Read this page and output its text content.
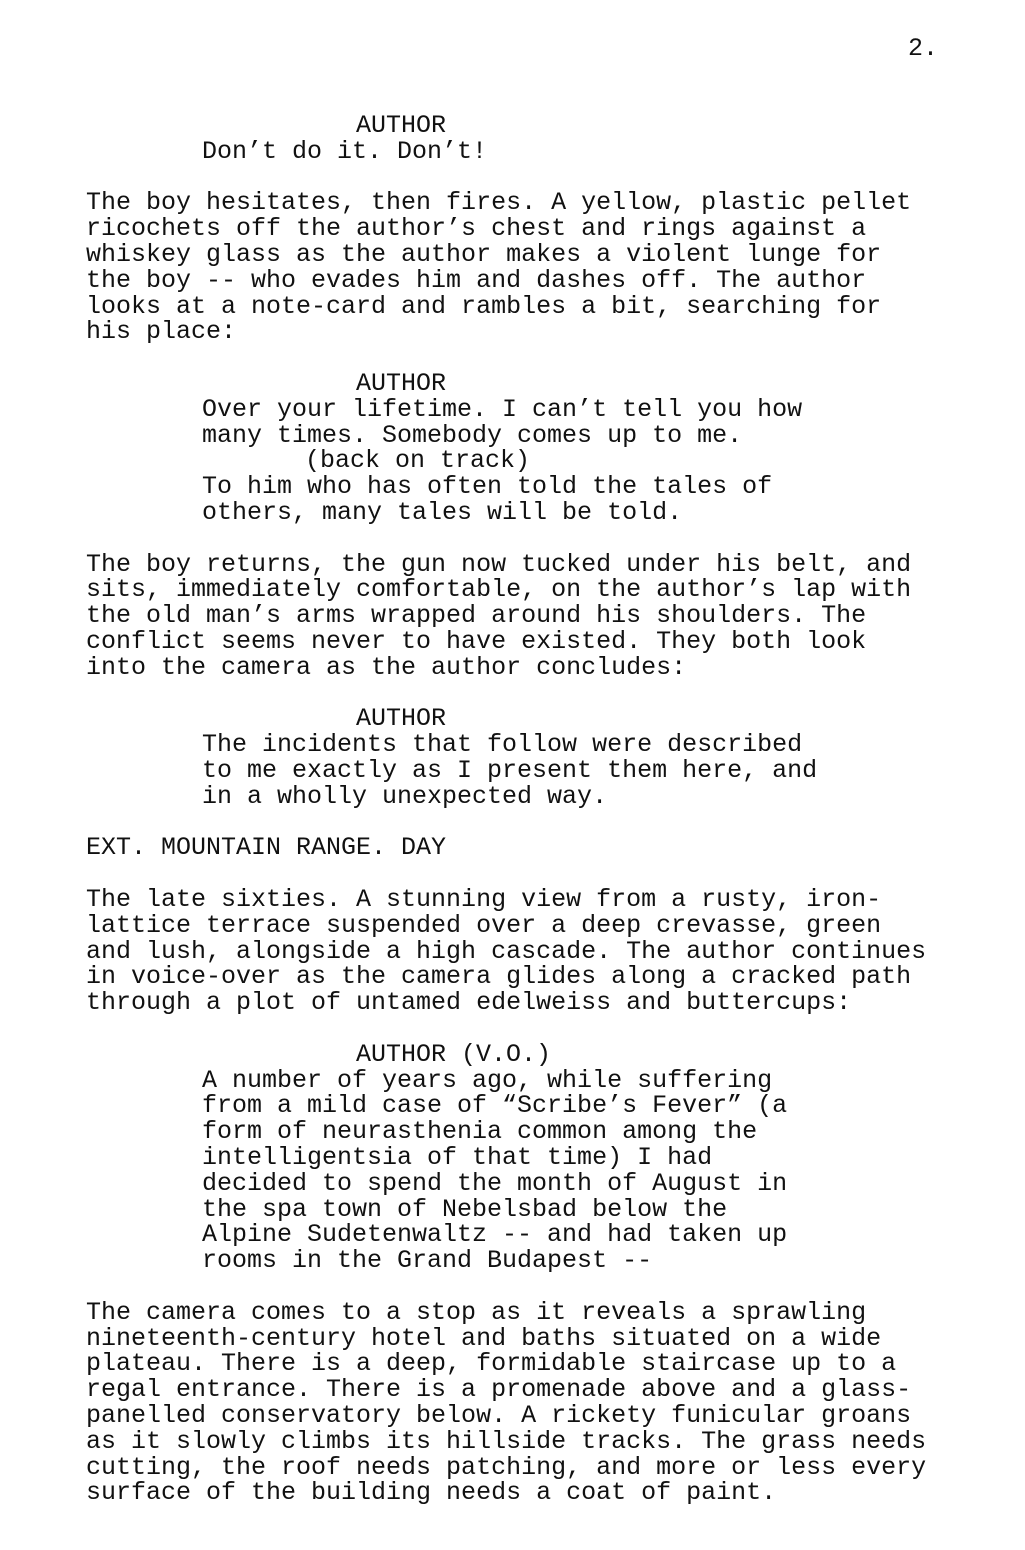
2.
AUTHOR
Don’t do it. Don’t!
The boy hesitates, then fires. A yellow, plastic pellet
ricochets off the author’s chest and rings against a
whiskey glass as the author makes a violent lunge for
the boy -- who evades him and dashes off. The author
looks at a note-card and rambles a bit, searching for
his place:
AUTHOR
Over your lifetime. I can’t tell you how
many times. Somebody comes up to me.
(back on track)
To him who has often told the tales of
others, many tales will be told.
The boy returns, the gun now tucked under his belt, and
sits, immediately comfortable, on the author’s lap with
the old man’s arms wrapped around his shoulders. The
conflict seems never to have existed. They both look
into the camera as the author concludes:
AUTHOR
The incidents that follow were described
to me exactly as I present them here, and
in a wholly unexpected way.
EXT. MOUNTAIN RANGE. DAY
The late sixties. A stunning view from a rusty, iron-
lattice terrace suspended over a deep crevasse, green
and lush, alongside a high cascade. The author continues
in voice-over as the camera glides along a cracked path
through a plot of untamed edelweiss and buttercups:
AUTHOR (V.O.)
A number of years ago, while suffering
from a mild case of “Scribe’s Fever” (a
form of neurasthenia common among the
intelligentsia of that time) I had
decided to spend the month of August in
the spa town of Nebelsbad below the
Alpine Sudetenwaltz -- and had taken up
rooms in the Grand Budapest --
The camera comes to a stop as it reveals a sprawling
nineteenth-century hotel and baths situated on a wide
plateau. There is a deep, formidable staircase up to a
regal entrance. There is a promenade above and a glass-
panelled conservatory below. A rickety funicular groans
as it slowly climbs its hillside tracks. The grass needs
cutting, the roof needs patching, and more or less every
surface of the building needs a coat of paint.
